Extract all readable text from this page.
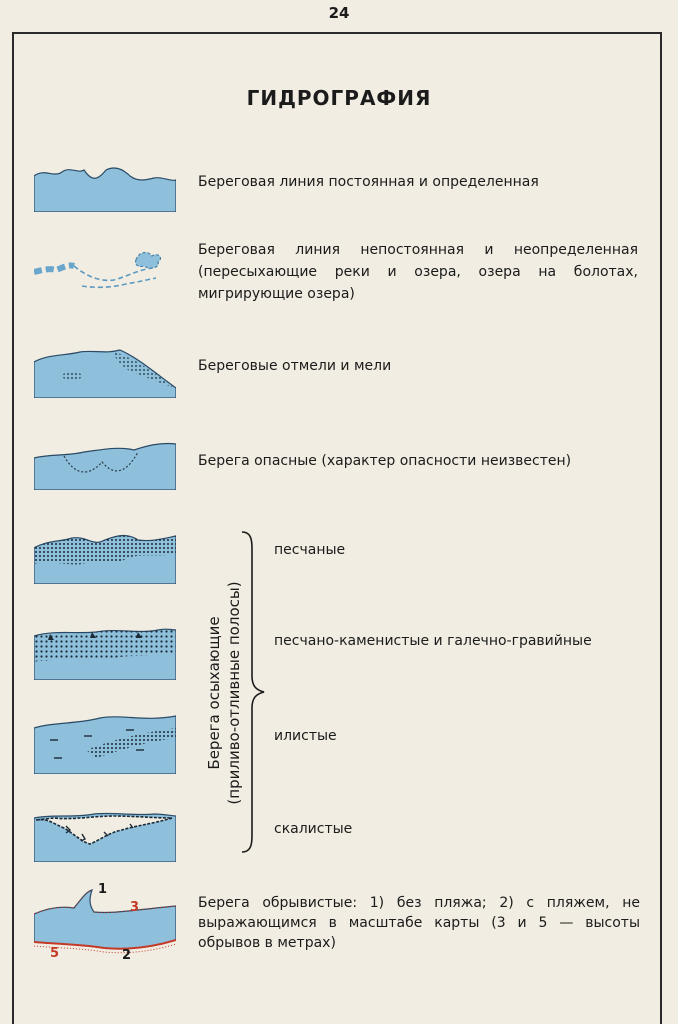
24
ГИДРОГРАФИЯ
Береговая линия постоянная и определенная
Береговая линия непостоянная и неопределенная
(пересыхающие реки и озера, озера на болотах,
мигрирующие озера)
Береговые отмели и мели
Берега опасные (характер опасности неизвестен)
Берега осыхающие (приливо-отливные полосы)
песчаные
песчано-каменистые и галечно-гравийные
илистые
скалистые
1
3
5	2
Берега обрывистые: 1) без пляжа; 2) с пляжем, не
выражающимся в масштабе карты (3 и 5 — высоты
обрывов в метрах)
